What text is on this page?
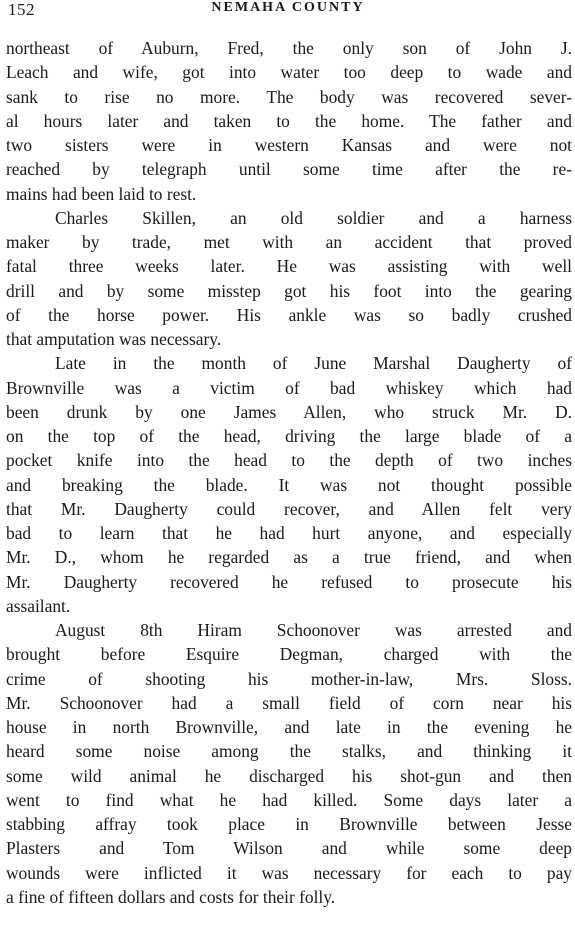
152	NEMAHA COUNTY
northeast of Auburn, Fred, the only son of John J.
Leach and wife, got into water too deep to wade and
sank to rise no more. The body was recovered sever-
al hours later and taken to the home. The father and
two sisters were in western Kansas and were not
reached by telegraph until some time after the re-
mains had been laid to rest.
Charles Skillen, an old soldier and a harness
maker by trade, met with an accident that proved
fatal three weeks later. He was assisting with well
drill and by some misstep got his foot into the gearing
of the horse power. His ankle was so badly crushed
that amputation was necessary.
Late in the month of June Marshal Daugherty of
Brownville was a victim of bad whiskey which had
been drunk by one James Allen, who struck Mr. D.
on the top of the head, driving the large blade of a
pocket knife into the head to the depth of two inches
and breaking the blade. It was not thought possible
that Mr. Daugherty could recover, and Allen felt very
bad to learn that he had hurt anyone, and especially
Mr. D., whom he regarded as a true friend, and when
Mr. Daugherty recovered he refused to prosecute his
assailant.
August 8th Hiram Schoonover was arrested and
brought before Esquire Degman, charged with the
crime of shooting his mother-in-law, Mrs. Sloss.
Mr. Schoonover had a small field of corn near his
house in north Brownville, and late in the evening he
heard some noise among the stalks, and thinking it
some wild animal he discharged his shot-gun and then
went to find what he had killed. Some days later a
stabbing affray took place in Brownville between Jesse
Plasters and Tom Wilson and while some deep
wounds were inflicted it was necessary for each to pay
a fine of fifteen dollars and costs for their folly.
